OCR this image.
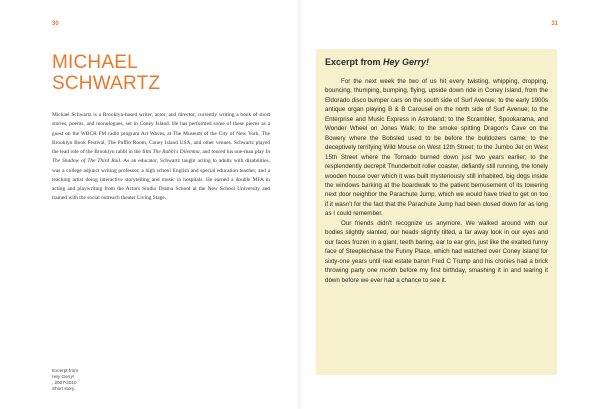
30
MICHAEL
SCHWARTZ

Michael Schwartz is a Brooklyn-based writer, actor, and director, currently writing a book of short stories, poems, and monologues, set in Coney Island. He has performed some of these pieces as a guest on the WBCR FM radio program Art Waves, at The Museum of the City of New York, The Brooklyn Book Festival, The Puffin Room, Coney Island USA, and other venues. Schwartz played the lead role of the Brooklyn rabbi in the film The Rabbi's Dilemma, and toured his one-man play In The Shadow of The Third Rail. As an educator, Schwartz taught acting to adults with disabilities, was a college adjunct writing professor, a high school English and special education teacher, and a teaching artist doing interactive storytelling and music in hospitals. He earned a double MFA in acting and playwriting from the Actors Studio Drama School at the New School University and trained with the social outreach theater Living Stage.

Excerpt from
Hey Gerry!
, 2007-2010
Short story.
31
Excerpt from Hey Gerry!

For the next week the two of us hit every twisting, whipping, dropping, bouncing, thumping, bumping, flying, upside down ride in Coney Island, from the Eldorado disco bumper cars on the south side of Surf Avenue; to the early 1900s antique organ playing B & B Carousel on the north side of Surf Avenue; to the Enterprise and Music Express in Astroland; to the Scrambler, Spookarama, and Wonder Wheel on Jones Walk; to the smoke spitting Dragon's Cave on the Bowery where the Bobsled used to be before the bulldozers came; to the deceptively terrifying Wild Mouse on West 12th Street; to the Jumbo Jet on West 15th Street where the Tornado burned down just two years earlier; to the resplendently decrepit Thunderbolt roller coaster, defiantly still running, the lonely wooden house over which it was built mysteriously still inhabited, big dogs inside the windows barking at the boardwalk to the patient bemusement of its towering next door neighbor the Parachute Jump, which we would have tried to get on too if it wasn't for the fact that the Parachute Jump had been closed down for as long as I could remember.

Our friends didn't recognize us anymore. We walked around with our bodies slightly slanted, our heads slightly tilted, a far away look in our eyes and our faces frozen in a giant, teeth baring, ear to ear grin, just like the exalted funny face of Steeplechase the Funny Place, which had watched over Coney Island for sixty-one years until real estate baron Fred C Trump and his cronies had a brick throwing party one month before my first birthday, smashing it in and tearing it down before we ever had a chance to see it.
